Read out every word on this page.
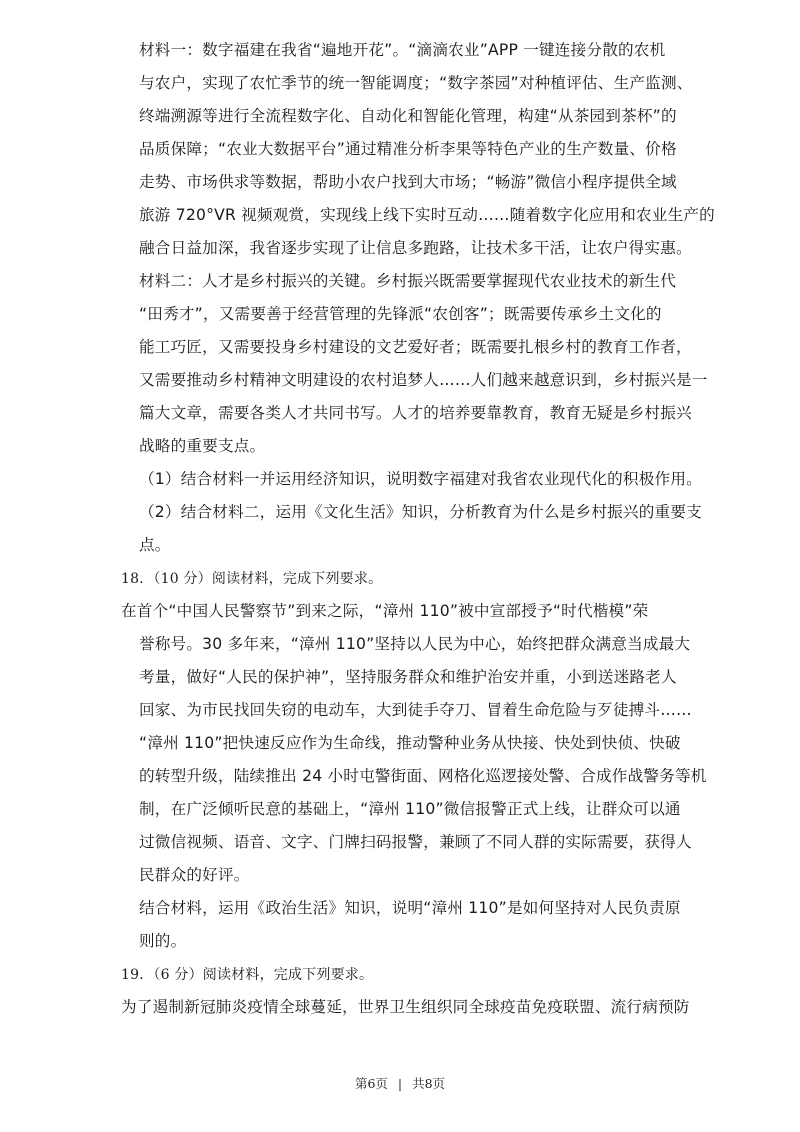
材料一：数字福建在我省“遍地开花”。“滴滴农业”APP 一键连接分散的农机
与农户，实现了农忙季节的统一智能调度；“数字茶园”对种植评估、生产监测、
终端溯源等进行全流程数字化、自动化和智能化管理，构建“从茶园到茶杯”的
品质保障；“农业大数据平台”通过精准分析李果等特色产业的生产数量、价格
走势、市场供求等数据，帮助小农户找到大市场；“畅游”微信小程序提供全域
旅游 720°VR 视频观赏，实现线上线下实时互动……随着数字化应用和农业生产的
融合日益加深，我省逐步实现了让信息多跑路，让技术多干活，让农户得实惠。
材料二：人才是乡村振兴的关键。乡村振兴既需要掌握现代农业技术的新生代
“田秀才”，又需要善于经营管理的先锋派“农创客”；既需要传承乡土文化的
能工巧匠，又需要投身乡村建设的文艺爱好者；既需要扎根乡村的教育工作者，
又需要推动乡村精神文明建设的农村追梦人……人们越来越意识到，乡村振兴是一
篇大文章，需要各类人才共同书写。人才的培养要靠教育，教育无疑是乡村振兴
战略的重要支点。
（1）结合材料一并运用经济知识，说明数字福建对我省农业现代化的积极作用。
（2）结合材料二，运用《文化生活》知识，分析教育为什么是乡村振兴的重要支
点。
18．（10 分）阅读材料，完成下列要求。
在首个“中国人民警察节”到来之际，“漳州 110”被中宣部授予“时代楷模”荣
誉称号。30 多年来，“漳州 110”坚持以人民为中心，始终把群众满意当成最大
考量，做好“人民的保护神”，坚持服务群众和维护治安并重，小到送迷路老人
回家、为市民找回失窃的电动车，大到徒手夺刀、冒着生命危险与歹徒搏斗……
“漳州 110”把快速反应作为生命线，推动警种业务从快接、快处到快侦、快破
的转型升级，陆续推出 24 小时屯警街面、网格化巡逻接处警、合成作战警务等机
制，在广泛倾听民意的基础上，“漳州 110”微信报警正式上线，让群众可以通
过微信视频、语音、文字、门牌扫码报警，兼顾了不同人群的实际需要，获得人
民群众的好评。
结合材料，运用《政治生活》知识，说明“漳州 110”是如何坚持对人民负责原
则的。
19．（6 分）阅读材料，完成下列要求。
为了遏制新冠肺炎疫情全球蔓延，世界卫生组织同全球疫苗免疫联盟、流行病预防
第6页 | 共8页
